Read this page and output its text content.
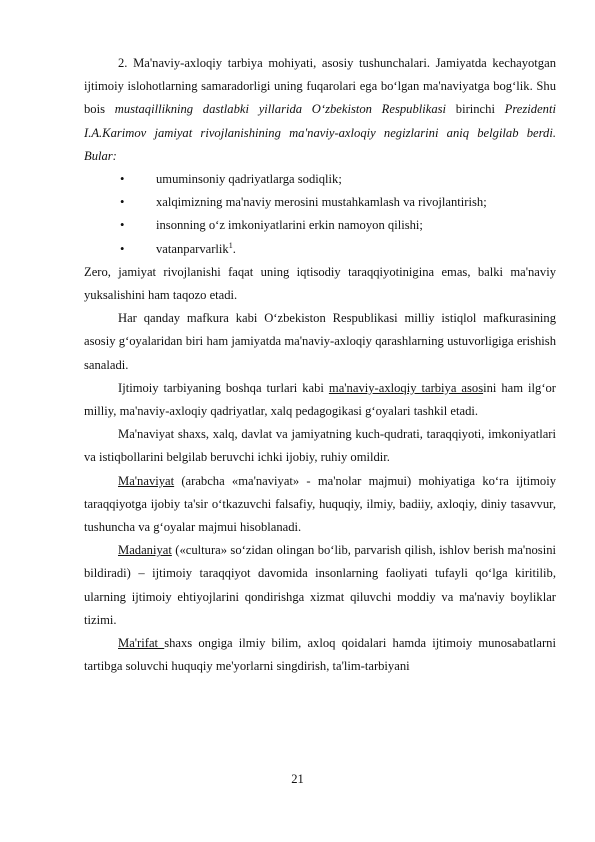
2. Ma'naviy-axloqiy tarbiya mohiyati, asosiy tushunchalari. Jamiyatda kechayotgan ijtimoiy islohotlarning samaradorligi uning fuqarolari ega bo‘lgan ma'naviyatga bog‘lik. Shu bois mustaqillikning dastlabki yillarida O‘zbekiston Respublikasi birinchi Prezidenti I.A.Karimov jamiyat rivojlanishining ma'naviy-axloqiy negizlarini aniq belgilab berdi. Bular:

•	umuminsoniy qadriyatlarga sodiqlik;
•	xalqimizning ma'naviy merosini mustahkamlash va rivojlantirish;
•	insonning o‘z imkoniyatlarini erkin namoyon qilishi;
•	vatanparvarlik$^1$.

Zero, jamiyat rivojlanishi faqat uning iqtisodiy taraqqiyotinigina emas, balki ma'naviy yuksalishini ham taqozo etadi.

Har qanday mafkura kabi O‘zbekiston Respublikasi milliy istiqlol mafkurasining asosiy g‘oyalaridan biri ham jamiyatda ma'naviy-axloqiy qarashlarning ustuvorligiga erishish sanaladi.

Ijtimoiy tarbiyaning boshqa turlari kabi ma'naviy-axloqiy tarbiya asosini ham ilg‘or milliy, ma'naviy-axloqiy qadriyatlar, xalq pedagogikasi g‘oyalari tashkil etadi.

Ma'naviyat shaxs, xalq, davlat va jamiyatning kuch-qudrati, taraqqiyoti, imkoniyatlari va istiqbollarini belgilab beruvchi ichki ijobiy, ruhiy omildir.

Ma'naviyat (arabcha «ma'naviyat» - ma'nolar majmui) mohiyatiga ko‘ra ijtimoiy taraqqiyotga ijobiy ta'sir o‘tkazuvchi falsafiy, huquqiy, ilmiy, badiiy, axloqiy, diniy tasavvur, tushuncha va g‘oyalar majmui hisoblanadi.

Madaniyat («cultura» so‘zidan olingan bo‘lib, parvarish qilish, ishlov berish ma'nosini bildiradi) – ijtimoiy taraqqiyot davomida insonlarning faoliyati tufayli qo‘lga kiritilib, ularning ijtimoiy ehtiyojlarini qondirishga xizmat qiluvchi moddiy va ma'naviy boyliklar tizimi.

Ma'rifat shaxs ongiga ilmiy bilim, axloq qoidalari hamda ijtimoiy munosabatlarni tartibga soluvchi huquqiy me'yorlarni singdirish, ta'lim-tarbiyani

21
